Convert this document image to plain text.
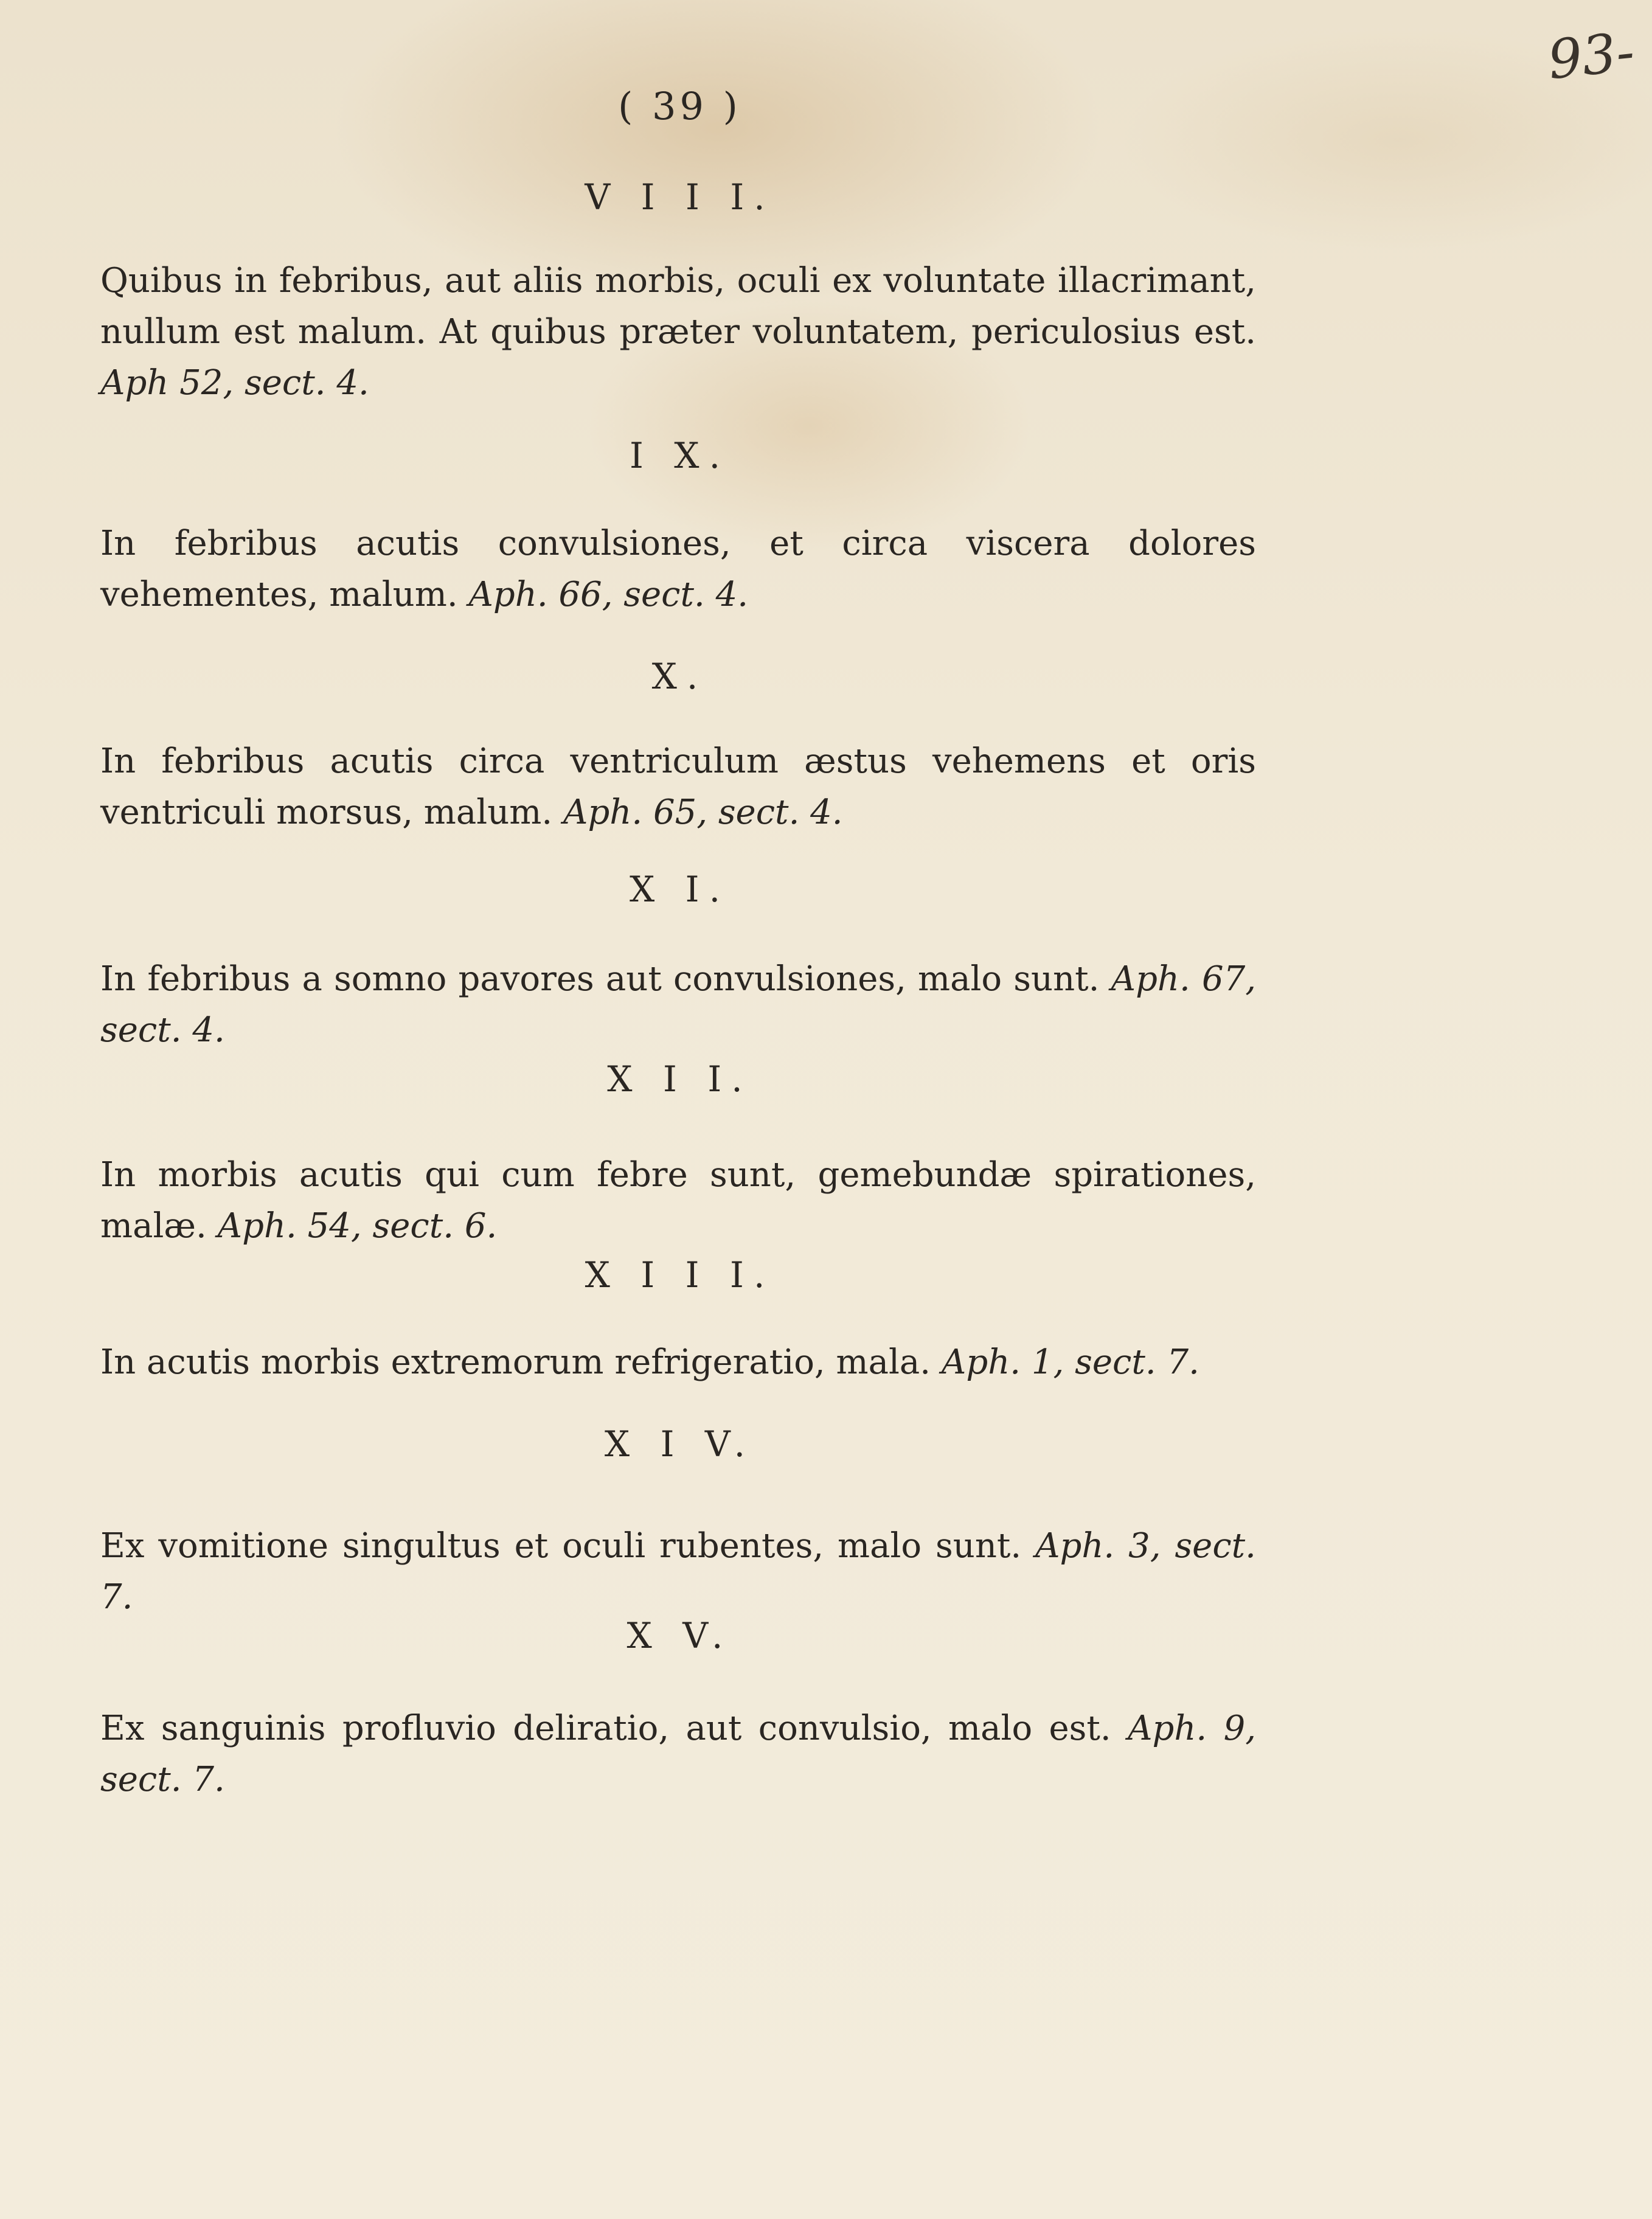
93-
( 39 )
V I I I.
Quibus in febribus, aut aliis morbis, oculi ex voluntate illacrimant, nullum est malum. At quibus præter voluntatem, periculosius est. Aph 52, sect. 4.
I X.
In febribus acutis convulsiones, et circa viscera dolores vehementes, malum. Aph. 66, sect. 4.
X.
In febribus acutis circa ventriculum æstus vehemens et oris ventriculi morsus, malum. Aph. 65, sect. 4.
X I.
In febribus a somno pavores aut convulsiones, malo sunt. Aph. 67, sect. 4.
X I I.
In morbis acutis qui cum febre sunt, gemebundæ spirationes, malæ. Aph. 54, sect. 6.
X I I I.
In acutis morbis extremorum refrigeratio, mala. Aph. 1, sect. 7.
X I V.
Ex vomitione singultus et oculi rubentes, malo sunt. Aph. 3, sect. 7.
X V.
Ex sanguinis profluvio deliratio, aut convulsio, malo est. Aph. 9, sect. 7.
